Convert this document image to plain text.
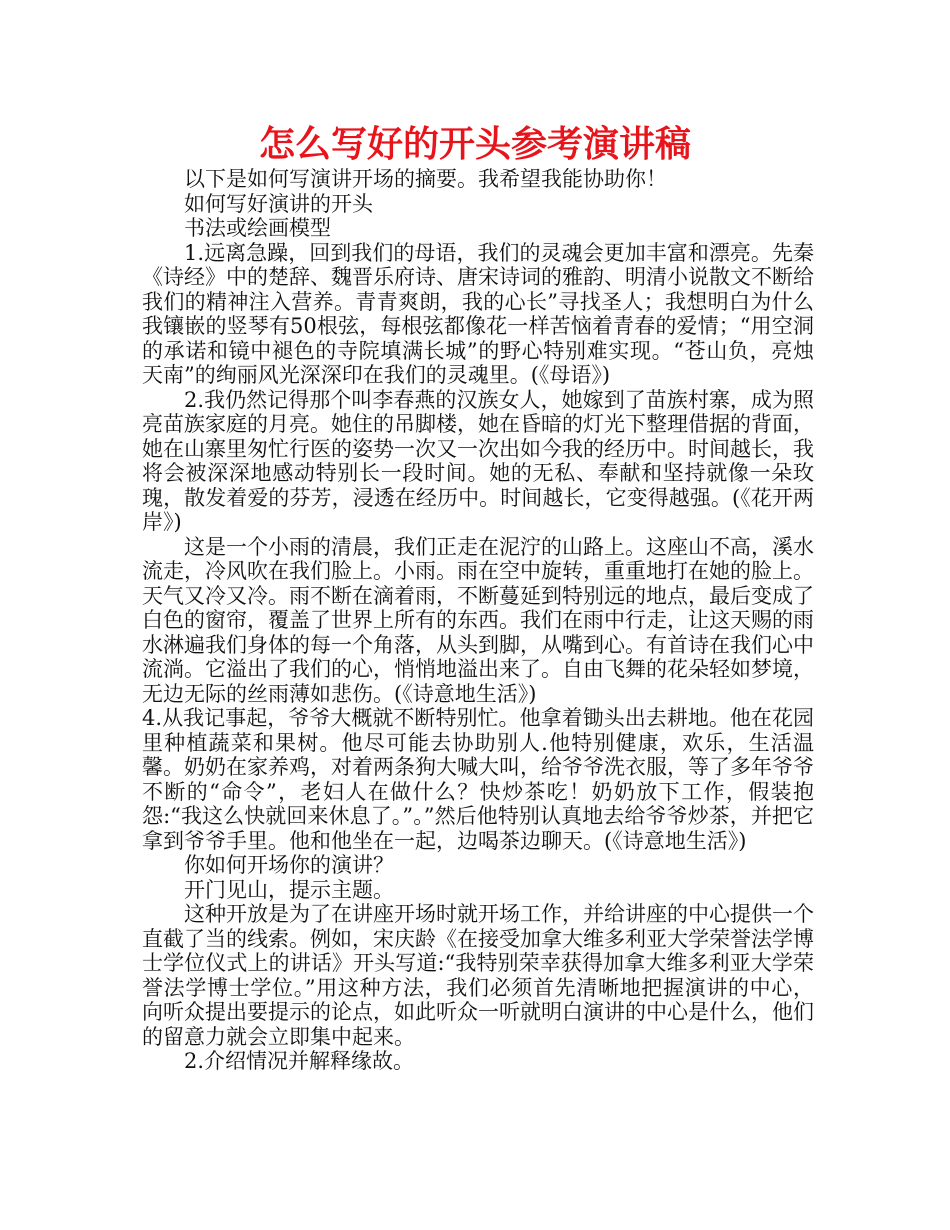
怎么写好的开头参考演讲稿

以下是如何写演讲开场的摘要。我希望我能协助你！

如何写好演讲的开头

书法或绘画模型

1.远离急躁，回到我们的母语，我们的灵魂会更加丰富和漂亮。先秦《诗经》中的楚辞、魏晋乐府诗、唐宋诗词的雅韵、明清小说散文不断给我们的精神注入营养。青青爽朗，我的心长”寻找圣人；我想明白为什么我镶嵌的竖琴有50根弦，每根弦都像花一样苦恼着青春的爱情；“用空洞的承诺和镜中褪色的寺院填满长城”的野心特别难实现。“苍山负，亮烛天南”的绚丽风光深深印在我们的灵魂里。(《母语》)

2.我仍然记得那个叫李春燕的汉族女人，她嫁到了苗族村寨，成为照亮苗族家庭的月亮。她住的吊脚楼，她在昏暗的灯光下整理借据的背面，她在山寨里匆忙行医的姿势一次又一次出如今我的经历中。时间越长，我将会被深深地感动特别长一段时间。她的无私、奉献和坚持就像一朵玫瑰，散发着爱的芬芳，浸透在经历中。时间越长，它变得越强。(《花开两岸》)

这是一个小雨的清晨，我们正走在泥泞的山路上。这座山不高，溪水流走，冷风吹在我们脸上。小雨。雨在空中旋转，重重地打在她的脸上。天气又冷又冷。雨不断在滴着雨，不断蔓延到特别远的地点，最后变成了白色的窗帘，覆盖了世界上所有的东西。我们在雨中行走，让这天赐的雨水淋遍我们身体的每一个角落，从头到脚，从嘴到心。有首诗在我们心中流淌。它溢出了我们的心，悄悄地溢出来了。自由飞舞的花朵轻如梦境，无边无际的丝雨薄如悲伤。(《诗意地生活》)

4.从我记事起，爷爷大概就不断特别忙。他拿着锄头出去耕地。他在花园里种植蔬菜和果树。他尽可能去协助别人.他特别健康，欢乐，生活温馨。奶奶在家养鸡，对着两条狗大喊大叫，给爷爷洗衣服，等了多年爷爷不断的“命令”，老妇人在做什么？快炒茶吃！奶奶放下工作，假装抱怨:“我这么快就回来休息了。”。”然后他特别认真地去给爷爷炒茶，并把它拿到爷爷手里。他和他坐在一起，边喝茶边聊天。(《诗意地生活》)

你如何开场你的演讲？

开门见山，提示主题。

这种开放是为了在讲座开场时就开场工作，并给讲座的中心提供一个直截了当的线索。例如，宋庆龄《在接受加拿大维多利亚大学荣誉法学博士学位仪式上的讲话》开头写道:“我特别荣幸获得加拿大维多利亚大学荣誉法学博士学位。”用这种方法，我们必须首先清晰地把握演讲的中心，向听众提出要提示的论点，如此听众一听就明白演讲的中心是什么，他们的留意力就会立即集中起来。

2.介绍情况并解释缘故。
